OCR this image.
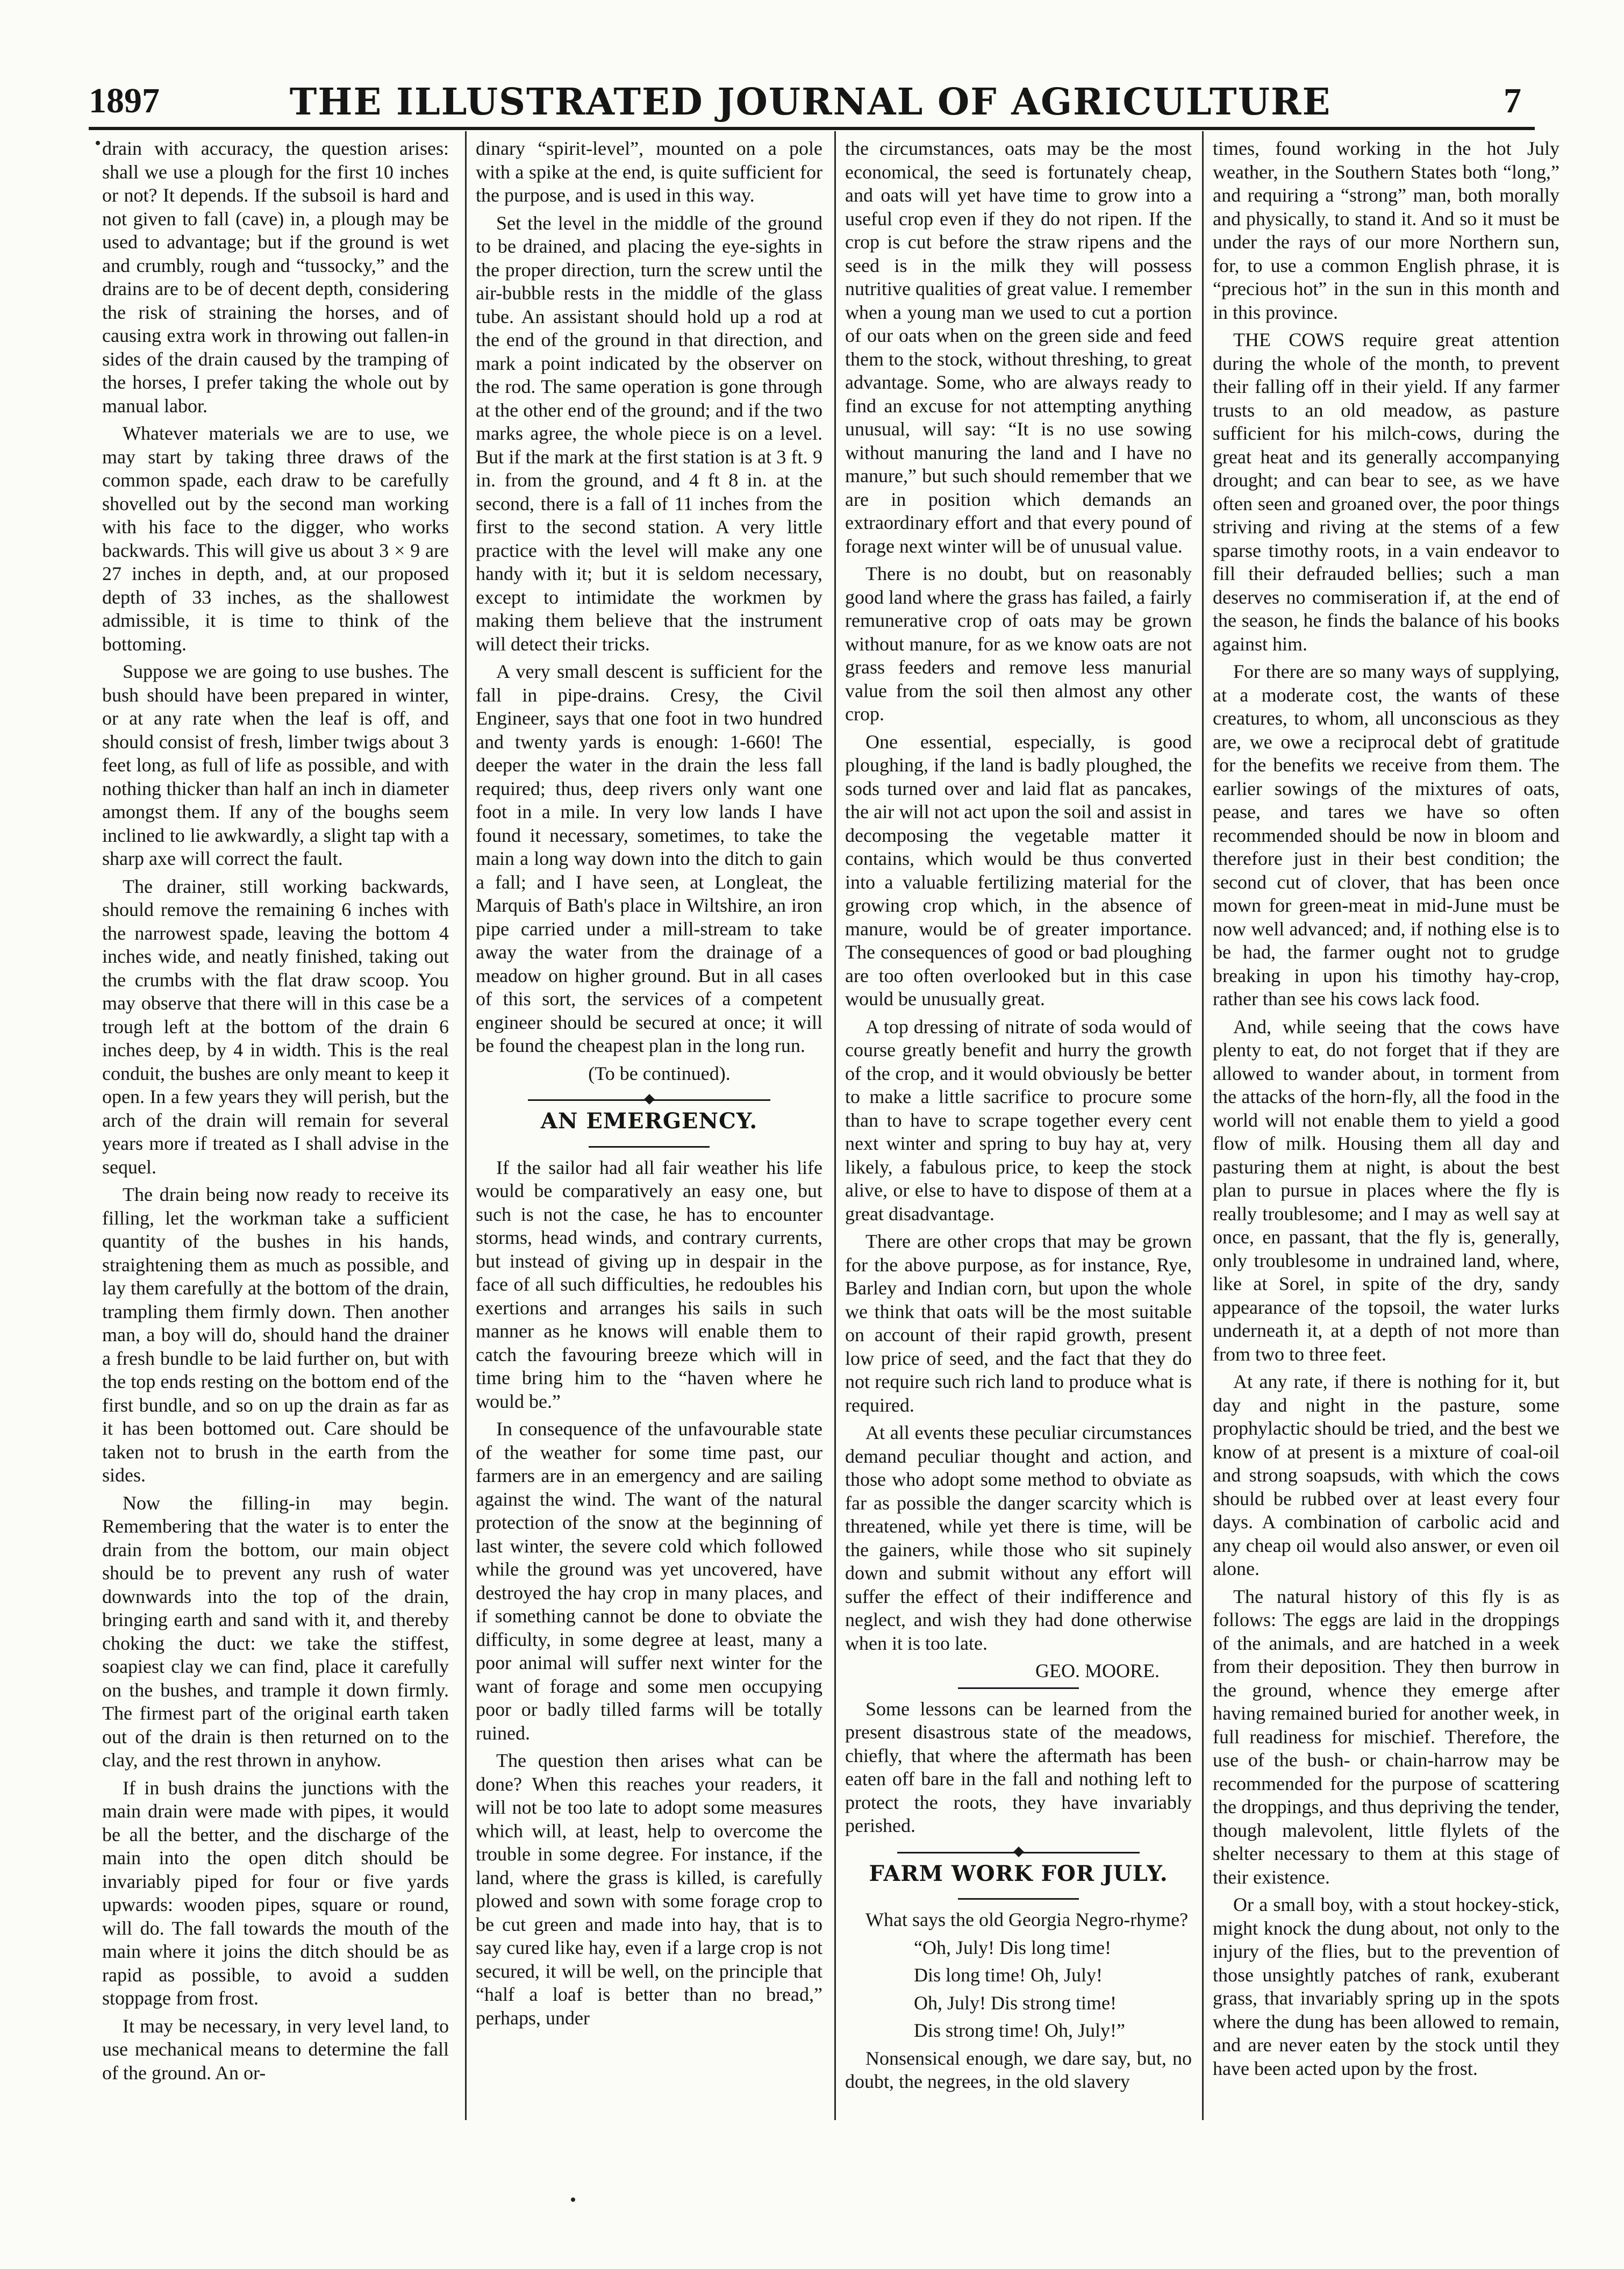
1897	THE ILLUSTRATED JOURNAL OF AGRICULTURE	7

drain with accuracy, the question arises: shall we use a plough for the first 10 inches or not? It depends. If the subsoil is hard and not given to fall (cave) in, a plough may be used to advantage; but if the ground is wet and crumbly, rough and “tussocky,” and the drains are to be of decent depth, considering the risk of straining the horses, and of causing extra work in throwing out fallen-in sides of the drain caused by the tramping of the horses, I prefer taking the whole out by manual labor.

Whatever materials we are to use, we may start by taking three draws of the common spade, each draw to be carefully shovelled out by the second man working with his face to the digger, who works backwards. This will give us about 3 × 9 are 27 inches in depth, and, at our proposed depth of 33 inches, as the shallowest admissible, it is time to think of the bottoming.

Suppose we are going to use bushes. The bush should have been prepared in winter, or at any rate when the leaf is off, and should consist of fresh, limber twigs about 3 feet long, as full of life as possible, and with nothing thicker than half an inch in diameter amongst them. If any of the boughs seem inclined to lie awkwardly, a slight tap with a sharp axe will correct the fault.

The drainer, still working backwards, should remove the remaining 6 inches with the narrowest spade, leaving the bottom 4 inches wide, and neatly finished, taking out the crumbs with the flat draw scoop. You may observe that there will in this case be a trough left at the bottom of the drain 6 inches deep, by 4 in width. This is the real conduit, the bushes are only meant to keep it open. In a few years they will perish, but the arch of the drain will remain for several years more if treated as I shall advise in the sequel.

The drain being now ready to receive its filling, let the workman take a sufficient quantity of the bushes in his hands, straightening them as much as possible, and lay them carefully at the bottom of the drain, trampling them firmly down. Then another man, a boy will do, should hand the drainer a fresh bundle to be laid further on, but with the top ends resting on the bottom end of the first bundle, and so on up the drain as far as it has been bottomed out. Care should be taken not to brush in the earth from the sides.

Now the filling-in may begin. Remembering that the water is to enter the drain from the bottom, our main object should be to prevent any rush of water downwards into the top of the drain, bringing earth and sand with it, and thereby choking the duct: we take the stiffest, soapiest clay we can find, place it carefully on the bushes, and trample it down firmly. The firmest part of the original earth taken out of the drain is then returned on to the clay, and the rest thrown in anyhow.

If in bush drains the junctions with the main drain were made with pipes, it would be all the better, and the discharge of the main into the open ditch should be invariably piped for four or five yards upwards: wooden pipes, square or round, will do. The fall towards the mouth of the main where it joins the ditch should be as rapid as possible, to avoid a sudden stoppage from frost.

It may be necessary, in very level land, to use mechanical means to determine the fall of the ground. An or-

dinary “spirit-level”, mounted on a pole with a spike at the end, is quite sufficient for the purpose, and is used in this way.

Set the level in the middle of the ground to be drained, and placing the eye-sights in the proper direction, turn the screw until the air-bubble rests in the middle of the glass tube. An assistant should hold up a rod at the end of the ground in that direction, and mark a point indicated by the observer on the rod. The same operation is gone through at the other end of the ground; and if the two marks agree, the whole piece is on a level. But if the mark at the first station is at 3 ft. 9 in. from the ground, and 4 ft 8 in. at the second, there is a fall of 11 inches from the first to the second station. A very little practice with the level will make any one handy with it; but it is seldom necessary, except to intimidate the workmen by making them believe that the instrument will detect their tricks.

A very small descent is sufficient for the fall in pipe-drains. Cresy, the Civil Engineer, says that one foot in two hundred and twenty yards is enough: 1-660! The deeper the water in the drain the less fall required; thus, deep rivers only want one foot in a mile. In very low lands I have found it necessary, sometimes, to take the main a long way down into the ditch to gain a fall; and I have seen, at Longleat, the Marquis of Bath's place in Wiltshire, an iron pipe carried under a mill-stream to take away the water from the drainage of a meadow on higher ground. But in all cases of this sort, the services of a competent engineer should be secured at once; it will be found the cheapest plan in the long run.

(To be continued).

AN EMERGENCY.

If the sailor had all fair weather his life would be comparatively an easy one, but such is not the case, he has to encounter storms, head winds, and contrary currents, but instead of giving up in despair in the face of all such difficulties, he redoubles his exertions and arranges his sails in such manner as he knows will enable them to catch the favouring breeze which will in time bring him to the “haven where he would be.”

In consequence of the unfavourable state of the weather for some time past, our farmers are in an emergency and are sailing against the wind. The want of the natural protection of the snow at the beginning of last winter, the severe cold which followed while the ground was yet uncovered, have destroyed the hay crop in many places, and if something cannot be done to obviate the difficulty, in some degree at least, many a poor animal will suffer next winter for the want of forage and some men occupying poor or badly tilled farms will be totally ruined.

The question then arises what can be done? When this reaches your readers, it will not be too late to adopt some measures which will, at least, help to overcome the trouble in some degree. For instance, if the land, where the grass is killed, is carefully plowed and sown with some forage crop to be cut green and made into hay, that is to say cured like hay, even if a large crop is not secured, it will be well, on the principle that “half a loaf is better than no bread,” perhaps, under

the circumstances, oats may be the most economical, the seed is fortunately cheap, and oats will yet have time to grow into a useful crop even if they do not ripen. If the crop is cut before the straw ripens and the seed is in the milk they will possess nutritive qualities of great value. I remember when a young man we used to cut a portion of our oats when on the green side and feed them to the stock, without threshing, to great advantage. Some, who are always ready to find an excuse for not attempting anything unusual, will say: “It is no use sowing without manuring the land and I have no manure,” but such should remember that we are in position which demands an extraordinary effort and that every pound of forage next winter will be of unusual value.

There is no doubt, but on reasonably good land where the grass has failed, a fairly remunerative crop of oats may be grown without manure, for as we know oats are not grass feeders and remove less manurial value from the soil then almost any other crop.

One essential, especially, is good ploughing, if the land is badly ploughed, the sods turned over and laid flat as pancakes, the air will not act upon the soil and assist in decomposing the vegetable matter it contains, which would be thus converted into a valuable fertilizing material for the growing crop which, in the absence of manure, would be of greater importance. The consequences of good or bad ploughing are too often overlooked but in this case would be unusually great.

A top dressing of nitrate of soda would of course greatly benefit and hurry the growth of the crop, and it would obviously be better to make a little sacrifice to procure some than to have to scrape together every cent next winter and spring to buy hay at, very likely, a fabulous price, to keep the stock alive, or else to have to dispose of them at a great disadvantage.

There are other crops that may be grown for the above purpose, as for instance, Rye, Barley and Indian corn, but upon the whole we think that oats will be the most suitable on account of their rapid growth, present low price of seed, and the fact that they do not require such rich land to produce what is required.

At all events these peculiar circumstances demand peculiar thought and action, and those who adopt some method to obviate as far as possible the danger scarcity which is threatened, while yet there is time, will be the gainers, while those who sit supinely down and submit without any effort will suffer the effect of their indifference and neglect, and wish they had done otherwise when it is too late.

GEO. MOORE.

Some lessons can be learned from the present disastrous state of the meadows, chiefly, that where the aftermath has been eaten off bare in the fall and nothing left to protect the roots, they have invariably perished.

FARM WORK FOR JULY.

What says the old Georgia Negro-rhyme?

“Oh, July! Dis long time!

Dis long time! Oh, July!

Oh, July! Dis strong time!

Dis strong time! Oh, July!”

Nonsensical enough, we dare say, but, no doubt, the negrees, in the old slavery

times, found working in the hot July weather, in the Southern States both “long,” and requiring a “strong” man, both morally and physically, to stand it. And so it must be under the rays of our more Northern sun, for, to use a common English phrase, it is “precious hot” in the sun in this month and in this province.

THE COWS require great attention during the whole of the month, to prevent their falling off in their yield. If any farmer trusts to an old meadow, as pasture sufficient for his milch-cows, during the great heat and its generally accompanying drought; and can bear to see, as we have often seen and groaned over, the poor things striving and riving at the stems of a few sparse timothy roots, in a vain endeavor to fill their defrauded bellies; such a man deserves no commiseration if, at the end of the season, he finds the balance of his books against him.

For there are so many ways of supplying, at a moderate cost, the wants of these creatures, to whom, all unconscious as they are, we owe a reciprocal debt of gratitude for the benefits we receive from them. The earlier sowings of the mixtures of oats, pease, and tares we have so often recommended should be now in bloom and therefore just in their best condition; the second cut of clover, that has been once mown for green-meat in mid-June must be now well advanced; and, if nothing else is to be had, the farmer ought not to grudge breaking in upon his timothy hay-crop, rather than see his cows lack food.

And, while seeing that the cows have plenty to eat, do not forget that if they are allowed to wander about, in torment from the attacks of the horn-fly, all the food in the world will not enable them to yield a good flow of milk. Housing them all day and pasturing them at night, is about the best plan to pursue in places where the fly is really troublesome; and I may as well say at once, en passant, that the fly is, generally, only troublesome in undrained land, where, like at Sorel, in spite of the dry, sandy appearance of the topsoil, the water lurks underneath it, at a depth of not more than from two to three feet.

At any rate, if there is nothing for it, but day and night in the pasture, some prophylactic should be tried, and the best we know of at present is a mixture of coal-oil and strong soapsuds, with which the cows should be rubbed over at least every four days. A combination of carbolic acid and any cheap oil would also answer, or even oil alone.

The natural history of this fly is as follows: The eggs are laid in the droppings of the animals, and are hatched in a week from their deposition. They then burrow in the ground, whence they emerge after having remained buried for another week, in full readiness for mischief. Therefore, the use of the bush- or chain-harrow may be recommended for the purpose of scattering the droppings, and thus depriving the tender, though malevolent, little flylets of the shelter necessary to them at this stage of their existence.

Or a small boy, with a stout hockey-stick, might knock the dung about, not only to the injury of the flies, but to the prevention of those unsightly patches of rank, exuberant grass, that invariably spring up in the spots where the dung has been allowed to remain, and are never eaten by the stock until they have been acted upon by the frost.
